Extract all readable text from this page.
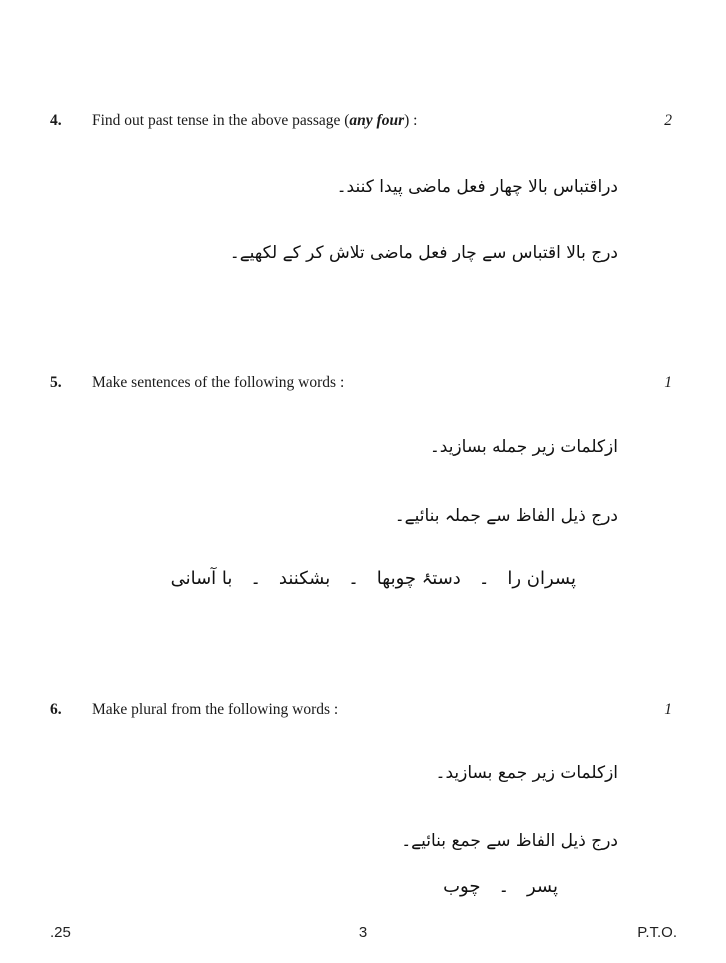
4. Find out past tense in the above passage (any four) :	2
دراقتباس بالا چهار فعل ماضی پیدا کنند۔
درج بالا اقتباس سے چار فعل ماضی تلاش کر کے لکھیے۔
5. Make sentences of the following words :	1
ازکلمات زیر جمله بسازید۔
درج ذیل الفاظ سے جملہ بنائیے۔
پسران را۔دستۂ چوبها۔بشکنند۔با آسانی
6. Make plural from the following words :	1
ازکلمات زیر جمع بسازید۔
درج ذیل الفاظ سے جمع بنائیے۔
پسر۔چوب
.25	3	P.T.O.
